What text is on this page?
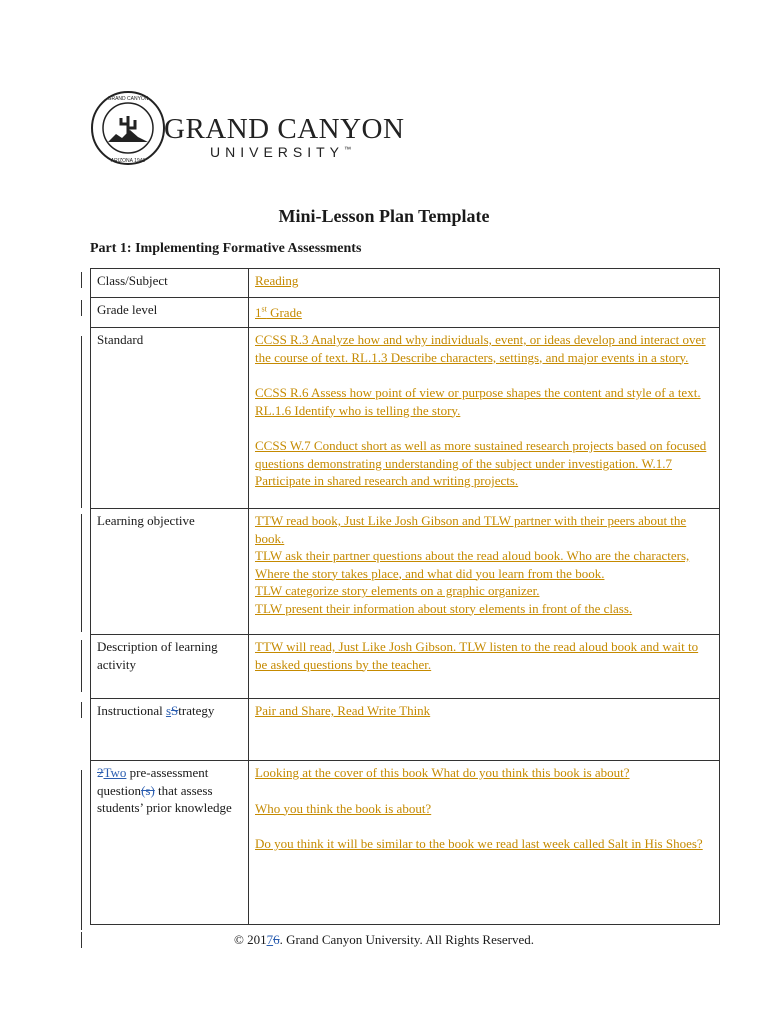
GRAND CANYON
ARIZONA 1949
GRAND CANYON
UNIVERSITY™
Mini-Lesson Plan Template
Part 1: Implementing Formative Assessments
Class/Subject	Reading
Grade level	1st Grade
Standard	CCSS R.3 Analyze how and why individuals, event, or ideas develop and interact over the course of text. RL.1.3 Describe characters, settings, and major events in a story.
CCSS R.6 Assess how point of view or purpose shapes the content and style of a text. RL.1.6 Identify who is telling the story.
CCSS W.7 Conduct short as well as more sustained research projects based on focused questions demonstrating understanding of the subject under investigation. W.1.7 Participate in shared research and writing projects.
Learning objective	TTW read book, Just Like Josh Gibson and TLW partner with their peers about the book.
TLW ask their partner questions about the read aloud book. Who are the characters, Where the story takes place, and what did you learn from the book.
TLW categorize story elements on a graphic organizer.
TLW present their information about story elements in front of the class.
Description of learning activity	TTW will read, Just Like Josh Gibson. TLW listen to the read aloud book and wait to be asked questions by the teacher.
Instructional sStrategy	Pair and Share, Read Write Think
2Two pre-assessment question(s) that assess students’ prior knowledge	Looking at the cover of this book What do you think this book is about?
Who you think the book is about?
Do you think it will be similar to the book we read last week called Salt in His Shoes?
© 20176. Grand Canyon University. All Rights Reserved.
